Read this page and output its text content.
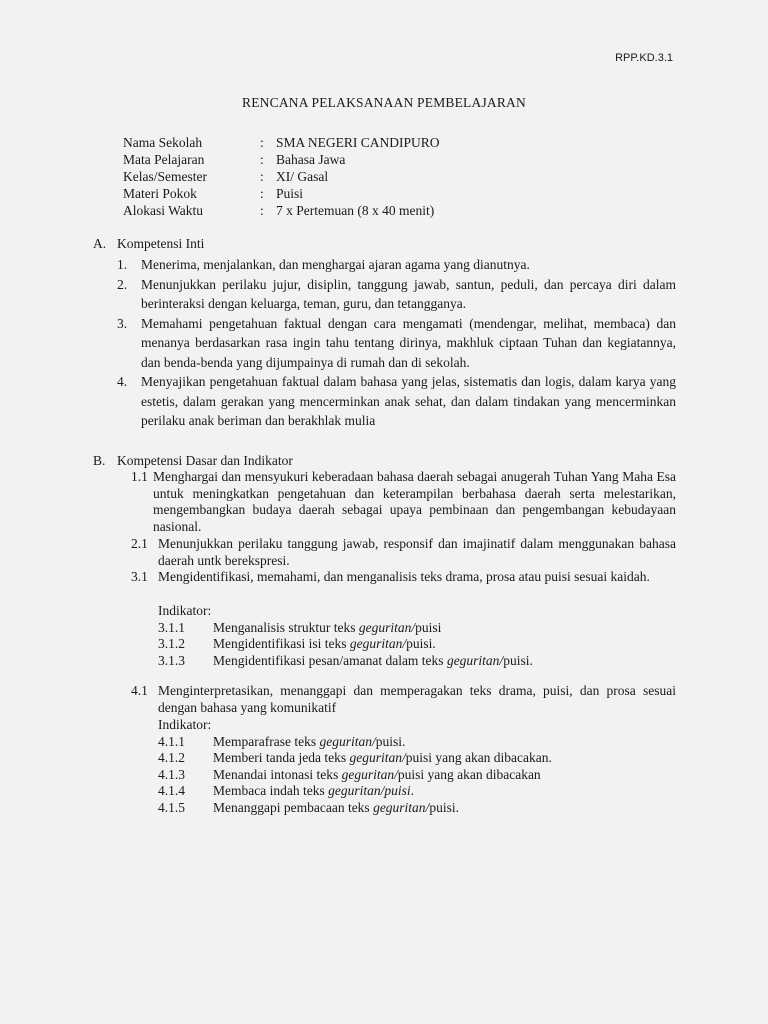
RPP.KD.3.1
RENCANA PELAKSANAAN PEMBELAJARAN
Nama Sekolah	: SMA NEGERI CANDIPURO
Mata Pelajaran	: Bahasa Jawa
Kelas/Semester	: XI/ Gasal
Materi Pokok	: Puisi
Alokasi Waktu	: 7 x Pertemuan (8 x 40 menit)
A. Kompetensi Inti
1.	Menerima, menjalankan, dan menghargai ajaran agama yang dianutnya.
2.	Menunjukkan perilaku jujur, disiplin, tanggung jawab, santun, peduli, dan percaya diri dalam berinteraksi dengan keluarga, teman, guru, dan tetangganya.
3.	Memahami pengetahuan faktual dengan cara mengamati (mendengar, melihat, membaca) dan menanya berdasarkan rasa ingin tahu tentang dirinya, makhluk ciptaan Tuhan dan kegiatannya, dan benda-benda yang dijumpainya di rumah dan di sekolah.
4.	Menyajikan pengetahuan faktual dalam bahasa yang jelas, sistematis dan logis, dalam karya yang estetis, dalam gerakan yang mencerminkan anak sehat, dan dalam tindakan yang mencerminkan perilaku anak beriman dan berakhlak mulia
B. Kompetensi Dasar dan Indikator
1.1 Menghargai dan mensyukuri keberadaan bahasa daerah sebagai anugerah Tuhan Yang Maha Esa untuk meningkatkan pengetahuan dan keterampilan berbahasa daerah serta melestarikan, mengembangkan budaya daerah sebagai upaya pembinaan dan pengembangan kebudayaan nasional.
2.1 Menunjukkan perilaku tanggung jawab, responsif dan imajinatif dalam menggunakan bahasa daerah untk berekspresi.
3.1 Mengidentifikasi, memahami, dan menganalisis teks drama, prosa atau puisi sesuai kaidah.
Indikator:
3.1.1	Menganalisis struktur teks geguritan/puisi
3.1.2	Mengidentifikasi isi teks geguritan/puisi.
3.1.3	Mengidentifikasi pesan/amanat dalam teks geguritan/puisi.
4.1 Menginterpretasikan, menanggapi dan memperagakan teks drama, puisi, dan prosa sesuai dengan bahasa yang komunikatif
Indikator:
4.1.1	Memparafrase teks geguritan/puisi.
4.1.2	Memberi tanda jeda teks geguritan/puisi yang akan dibacakan.
4.1.3	Menandai intonasi teks geguritan/puisi yang akan dibacakan
4.1.4	Membaca indah teks geguritan/puisi.
4.1.5	Menanggapi pembacaan teks geguritan/puisi.
